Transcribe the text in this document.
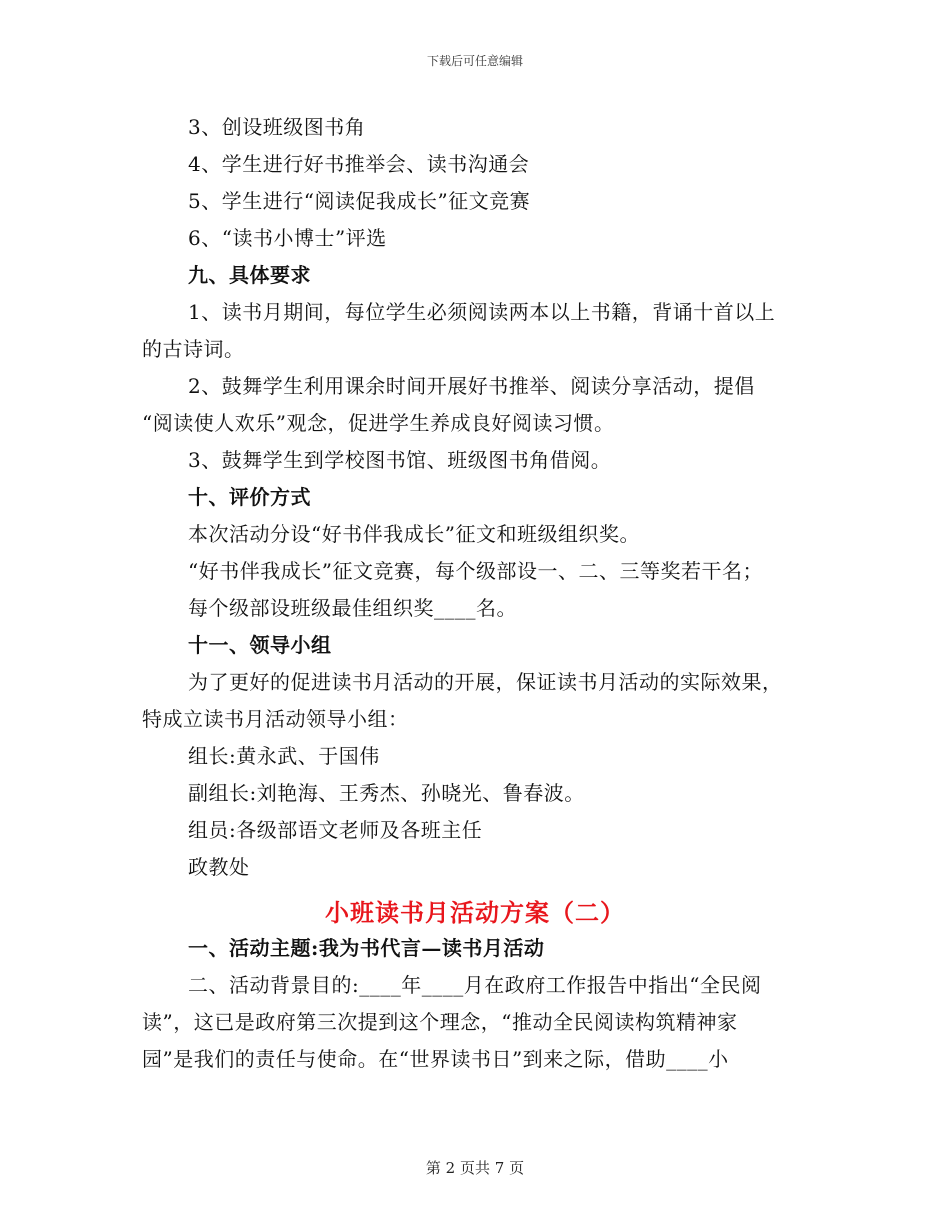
下载后可任意编辑
3、创设班级图书角
4、学生进行好书推举会、读书沟通会
5、学生进行“阅读促我成长”征文竞赛
6、“读书小博士”评选
九、具体要求
1、读书月期间，每位学生必须阅读两本以上书籍，背诵十首以上
的古诗词。
2、鼓舞学生利用课余时间开展好书推举、阅读分享活动，提倡
“阅读使人欢乐”观念，促进学生养成良好阅读习惯。
3、鼓舞学生到学校图书馆、班级图书角借阅。
十、评价方式
本次活动分设“好书伴我成长”征文和班级组织奖。
“好书伴我成长”征文竞赛，每个级部设一、二、三等奖若干名；
每个级部设班级最佳组织奖____名。
十一、领导小组
为了更好的促进读书月活动的开展，保证读书月活动的实际效果，
特成立读书月活动领导小组：
组长:黄永武、于国伟
副组长:刘艳海、王秀杰、孙晓光、鲁春波。
组员:各级部语文老师及各班主任
政教处
小班读书月活动方案（二）
一、活动主题:我为书代言—读书月活动
二、活动背景目的:____年____月在政府工作报告中指出“全民阅
读”，这已是政府第三次提到这个理念，“推动全民阅读构筑精神家
园”是我们的责任与使命。在“世界读书日”到来之际，借助____小
第 2 页共 7 页
